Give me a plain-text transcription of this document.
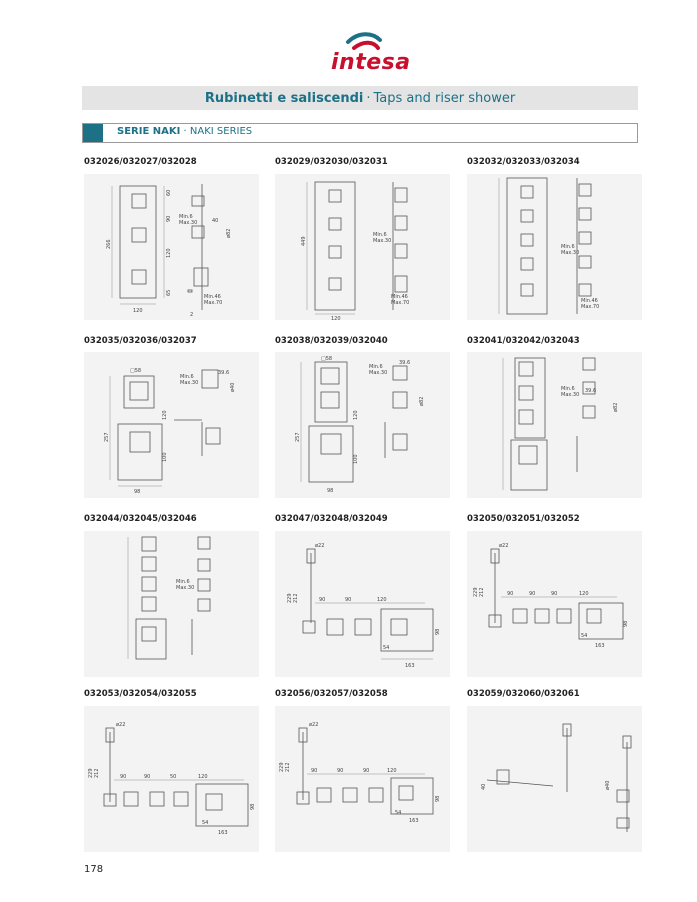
intesa
Rubinetti e saliscendi · Taps and riser shower
SERIE NAKI · NAKI SERIES
032026/032027/032028	032029/032030/032031	032032/032033/032034
266
120
60
90
120
65
40
Min.6
Max.30
Min.46
Max.70
2
ø82
449
120
Min.6
Max.30
Min.46
Max.70
Min.6
Max.30
Min.46
Max.70
032035/032036/032037	032038/032039/032040	032041/032042/032043
□58
Min.6
Max.30
39.6
ø40
257
120
100
98
□58
Min.6
Max.30
39.6
ø82
257
120
100
98
Min.6
Max.30
39.6
ø82
032044/032045/032046	032047/032048/032049	032050/032051/032052
Min.6
Max.30
ø22
229 212	90	90	120
98
54
163
ø22
229 212	90	90	90	120
98
54
163
032053/032054/032055	032056/032057/032058	032059/032060/032061
ø22
229 212	90	90	50	120
98
54
163
ø22
229 212	90	90	90	120
98
54
163
40	ø40
178
